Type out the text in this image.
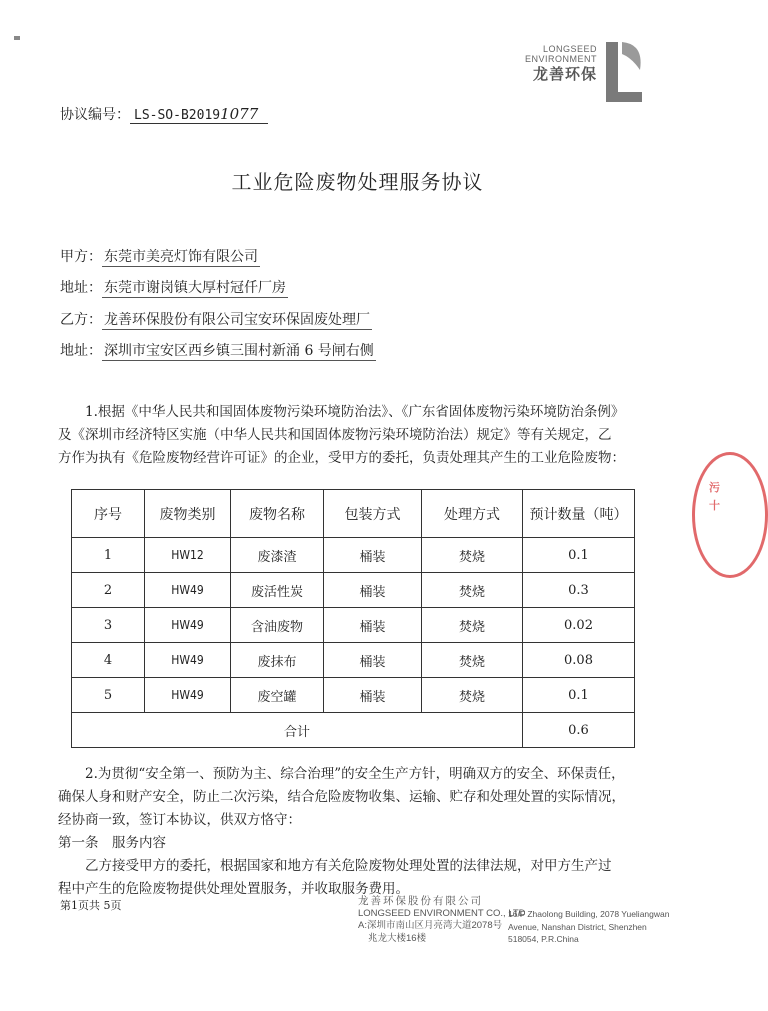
LONGSEED
ENVIRONMENT
龙善环保
协议编号： LS-SO-B20191077
工业危险废物处理服务协议
甲方： 东莞市美亮灯饰有限公司
地址： 东莞市谢岗镇大厚村冠仟厂房
乙方： 龙善环保股份有限公司宝安环保固废处理厂
地址： 深圳市宝安区西乡镇三围村新涌 6 号闸右侧

1.根据《中华人民共和国固体废物污染环境防治法》、《广东省固体废物污染环境防治条例》

及《深圳市经济特区实施（中华人民共和国固体废物污染环境防治法）规定》等有关规定，乙

方作为执有《危险废物经营许可证》的企业，受甲方的委托，负责处理其产生的工业危险废物：

序号	废物类别	废物名称	包装方式	处理方式	预计数量（吨）
1	HW12	废漆渣	桶装	焚烧	0.1
2	HW49	废活性炭	桶装	焚烧	0.3
3	HW49	含油废物	桶装	焚烧	0.02
4	HW49	废抹布	桶装	焚烧	0.08
5	HW49	废空罐	桶装	焚烧	0.1
合计					0.6

2.为贯彻“安全第一、预防为主、综合治理”的安全生产方针，明确双方的安全、环保责任，

确保人身和财产安全，防止二次污染，结合危险废物收集、运输、贮存和处理处置的实际情况，

经协商一致，签订本协议，供双方恪守：

第一条　服务内容

乙方接受甲方的委托，根据国家和地方有关危险废物处理处置的法律法规，对甲方生产过

程中产生的危险废物提供处理处置服务，并收取服务费用。

第1页共 5页	龙善环保股份有限公司
LONGSEED ENVIRONMENT CO., LTD
A:深圳市南山区月亮湾大道2078号
兆龙大楼16楼
16/F Zhaolong Building, 2078 Yueliangwan
Avenue, Nanshan District, Shenzhen
518054, P.R.China
污
十
